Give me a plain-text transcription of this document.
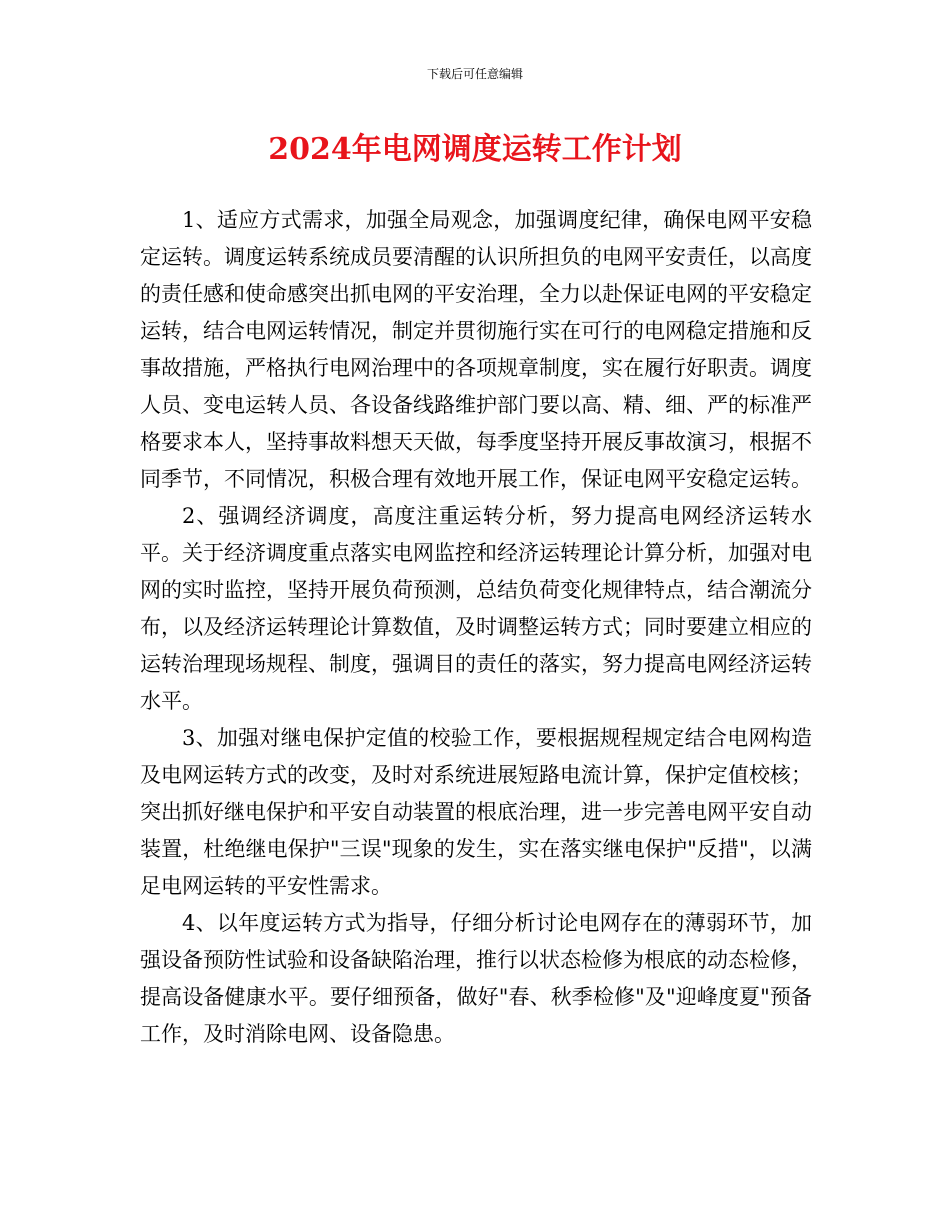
下载后可任意编辑
2024年电网调度运转工作计划

1、适应方式需求，加强全局观念，加强调度纪律，确保电网平安稳定运转。调度运转系统成员要清醒的认识所担负的电网平安责任，以高度的责任感和使命感突出抓电网的平安治理，全力以赴保证电网的平安稳定运转，结合电网运转情况，制定并贯彻施行实在可行的电网稳定措施和反事故措施，严格执行电网治理中的各项规章制度，实在履行好职责。调度人员、变电运转人员、各设备线路维护部门要以高、精、细、严的标准严格要求本人，坚持事故料想天天做，每季度坚持开展反事故演习，根据不同季节，不同情况，积极合理有效地开展工作，保证电网平安稳定运转。

2、强调经济调度，高度注重运转分析，努力提高电网经济运转水平。关于经济调度重点落实电网监控和经济运转理论计算分析，加强对电网的实时监控，坚持开展负荷预测，总结负荷变化规律特点，结合潮流分布，以及经济运转理论计算数值，及时调整运转方式；同时要建立相应的运转治理现场规程、制度，强调目的责任的落实，努力提高电网经济运转水平。

3、加强对继电保护定值的校验工作，要根据规程规定结合电网构造及电网运转方式的改变，及时对系统进展短路电流计算，保护定值校核；突出抓好继电保护和平安自动装置的根底治理，进一步完善电网平安自动装置，杜绝继电保护"三误"现象的发生，实在落实继电保护"反措"，以满足电网运转的平安性需求。

4、以年度运转方式为指导，仔细分析讨论电网存在的薄弱环节，加强设备预防性试验和设备缺陷治理，推行以状态检修为根底的动态检修，提高设备健康水平。要仔细预备，做好"春、秋季检修"及"迎峰度夏"预备工作，及时消除电网、设备隐患。
